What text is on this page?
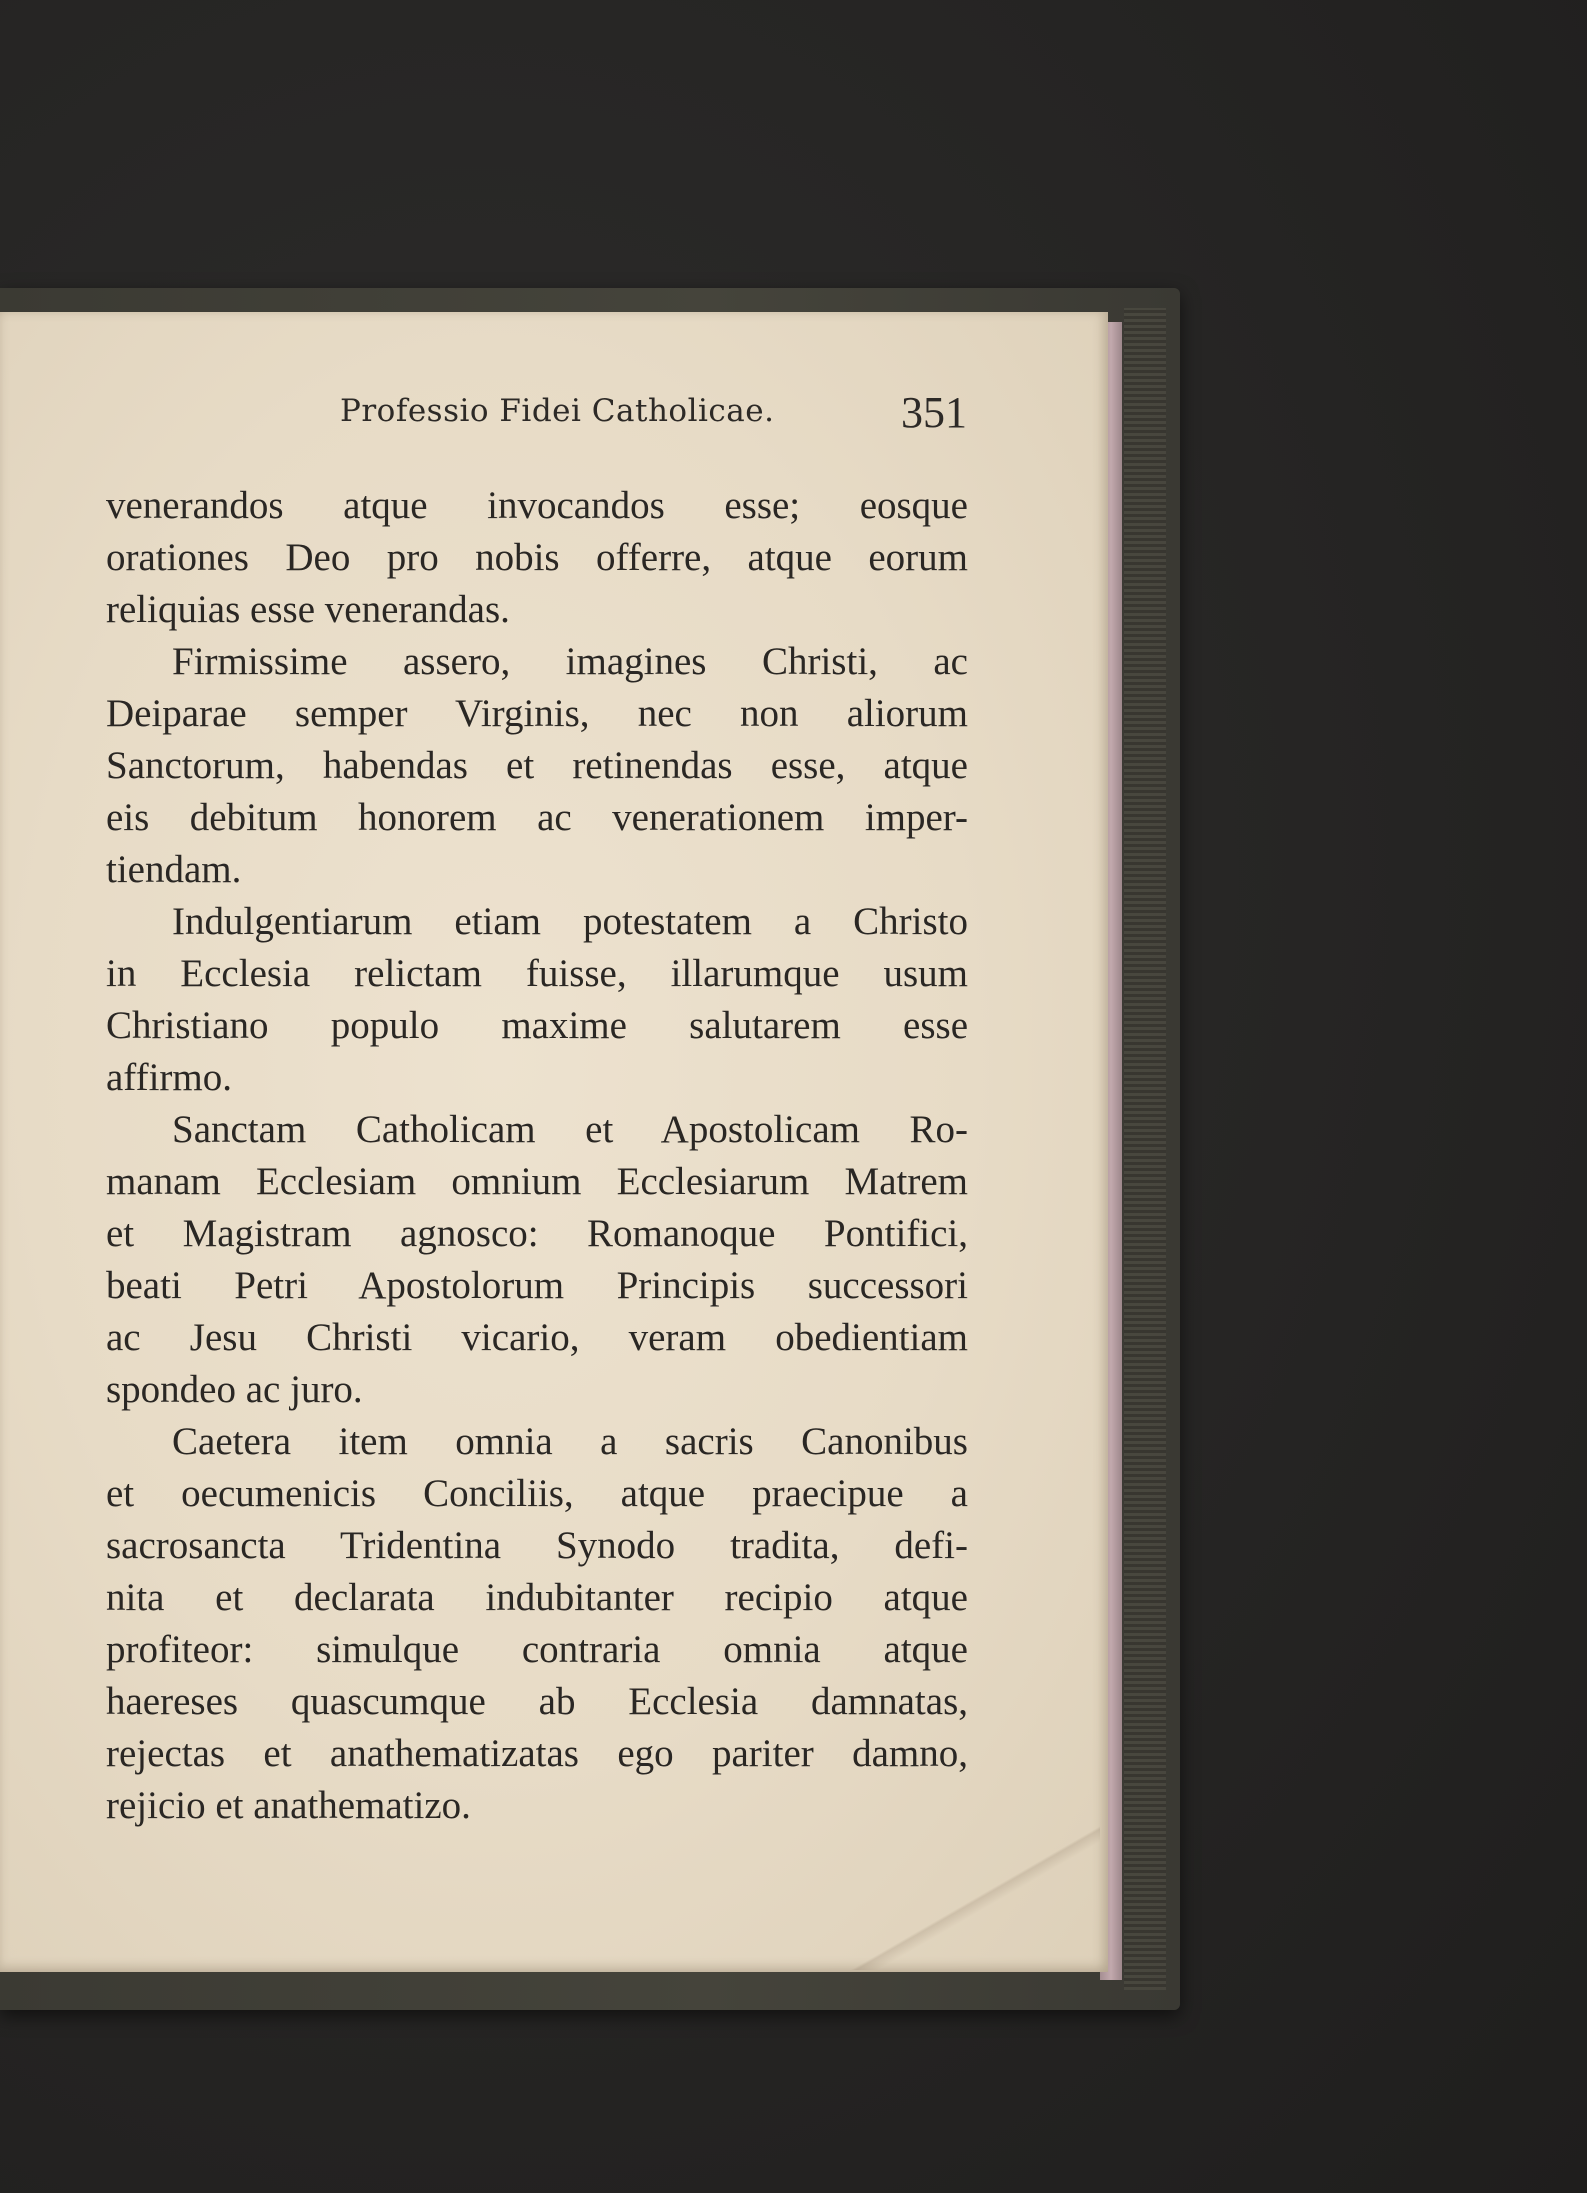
Professio Fidei Catholicae.	351
venerandos atque invocandos esse; eosque
orationes Deo pro nobis offerre, atque eorum
reliquias esse venerandas.
Firmissime assero, imagines Christi, ac
Deiparae semper Virginis, nec non aliorum
Sanctorum, habendas et retinendas esse, atque
eis debitum honorem ac venerationem imper-
tiendam.
Indulgentiarum etiam potestatem a Christo
in Ecclesia relictam fuisse, illarumque usum
Christiano populo maxime salutarem esse
affirmo.
Sanctam Catholicam et Apostolicam Ro-
manam Ecclesiam omnium Ecclesiarum Matrem
et Magistram agnosco: Romanoque Pontifici,
beati Petri Apostolorum Principis successori
ac Jesu Christi vicario, veram obedientiam
spondeo ac juro.
Caetera item omnia a sacris Canonibus
et oecumenicis Conciliis, atque praecipue a
sacrosancta Tridentina Synodo tradita, defi-
nita et declarata indubitanter recipio atque
profiteor: simulque contraria omnia atque
haereses quascumque ab Ecclesia damnatas,
rejectas et anathematizatas ego pariter damno,
rejicio et anathematizo.
